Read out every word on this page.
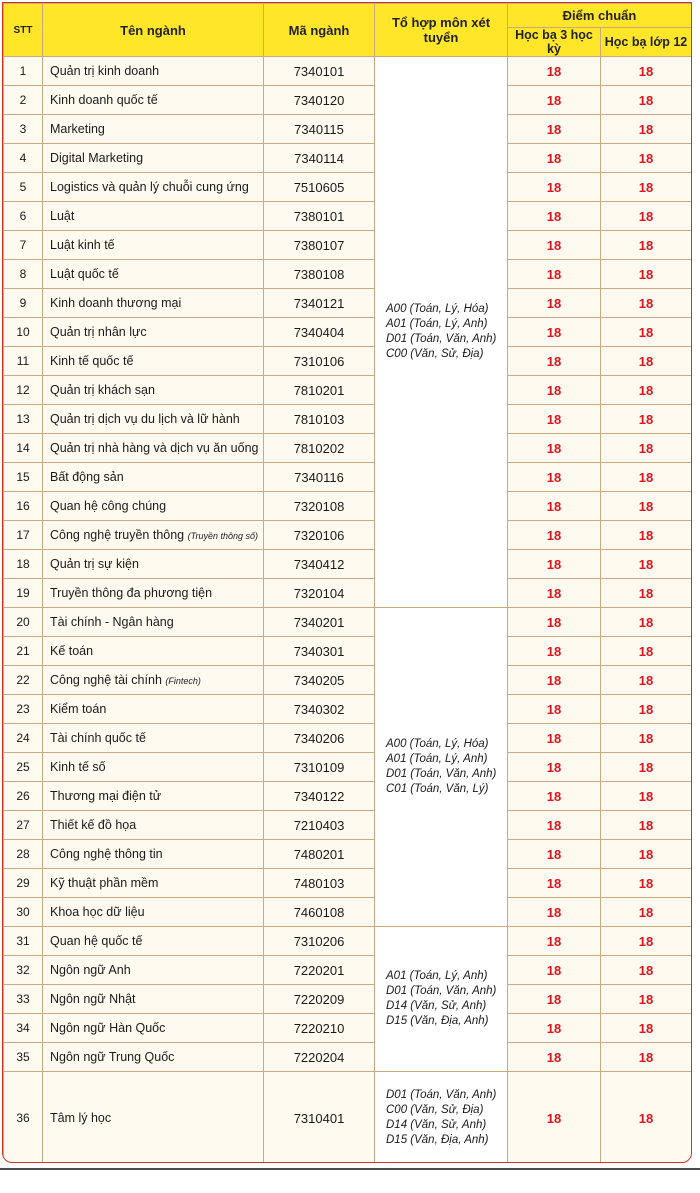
STT	Tên ngành	Mã ngành	Tổ hợp môn xét tuyển	Điểm chuẩn	
				Học bạ 3 học kỳ	Học bạ lớp 12
1	Quản trị kinh doanh	7340101	A00 (Toán, Lý, Hóa)
A01 (Toán, Lý, Anh)
D01 (Toán, Văn, Anh)
C00 (Văn, Sử, Địa)	18	18
2	Kinh doanh quốc tế	7340120		18	18
3	Marketing	7340115		18	18
4	Digital Marketing	7340114		18	18
5	Logistics và quản lý chuỗi cung ứng	7510605		18	18
6	Luật	7380101		18	18
7	Luật kinh tế	7380107		18	18
8	Luật quốc tế	7380108		18	18
9	Kinh doanh thương mại	7340121		18	18
10	Quản trị nhân lực	7340404		18	18
11	Kinh tế quốc tế	7310106		18	18
12	Quản trị khách sạn	7810201		18	18
13	Quản trị dịch vụ du lịch và lữ hành	7810103		18	18
14	Quản trị nhà hàng và dịch vụ ăn uống	7810202		18	18
15	Bất động sản	7340116		18	18
16	Quan hệ công chúng	7320108		18	18
17	Công nghệ truyền thông (Truyền thông số)	7320106		18	18
18	Quản trị sự kiện	7340412		18	18
19	Truyền thông đa phương tiện	7320104		18	18
20	Tài chính - Ngân hàng	7340201	A00 (Toán, Lý, Hóa)
A01 (Toán, Lý, Anh)
D01 (Toán, Văn, Anh)
C01 (Toán, Văn, Lý)	18	18
21	Kế toán	7340301		18	18
22	Công nghệ tài chính (Fintech)	7340205		18	18
23	Kiểm toán	7340302		18	18
24	Tài chính quốc tế	7340206		18	18
25	Kinh tế số	7310109		18	18
26	Thương mại điện tử	7340122		18	18
27	Thiết kế đồ họa	7210403		18	18
28	Công nghệ thông tin	7480201		18	18
29	Kỹ thuật phần mềm	7480103		18	18
30	Khoa học dữ liệu	7460108		18	18
31	Quan hệ quốc tế	7310206	A01 (Toán, Lý, Anh)
D01 (Toán, Văn, Anh)
D14 (Văn, Sử, Anh)
D15 (Văn, Địa, Anh)	18	18
32	Ngôn ngữ Anh	7220201		18	18
33	Ngôn ngữ Nhật	7220209		18	18
34	Ngôn ngữ Hàn Quốc	7220210		18	18
35	Ngôn ngữ Trung Quốc	7220204		18	18
36	Tâm lý học	7310401	D01 (Toán, Văn, Anh)
C00 (Văn, Sử, Địa)
D14 (Văn, Sử, Anh)
D15 (Văn, Địa, Anh)	18	18
